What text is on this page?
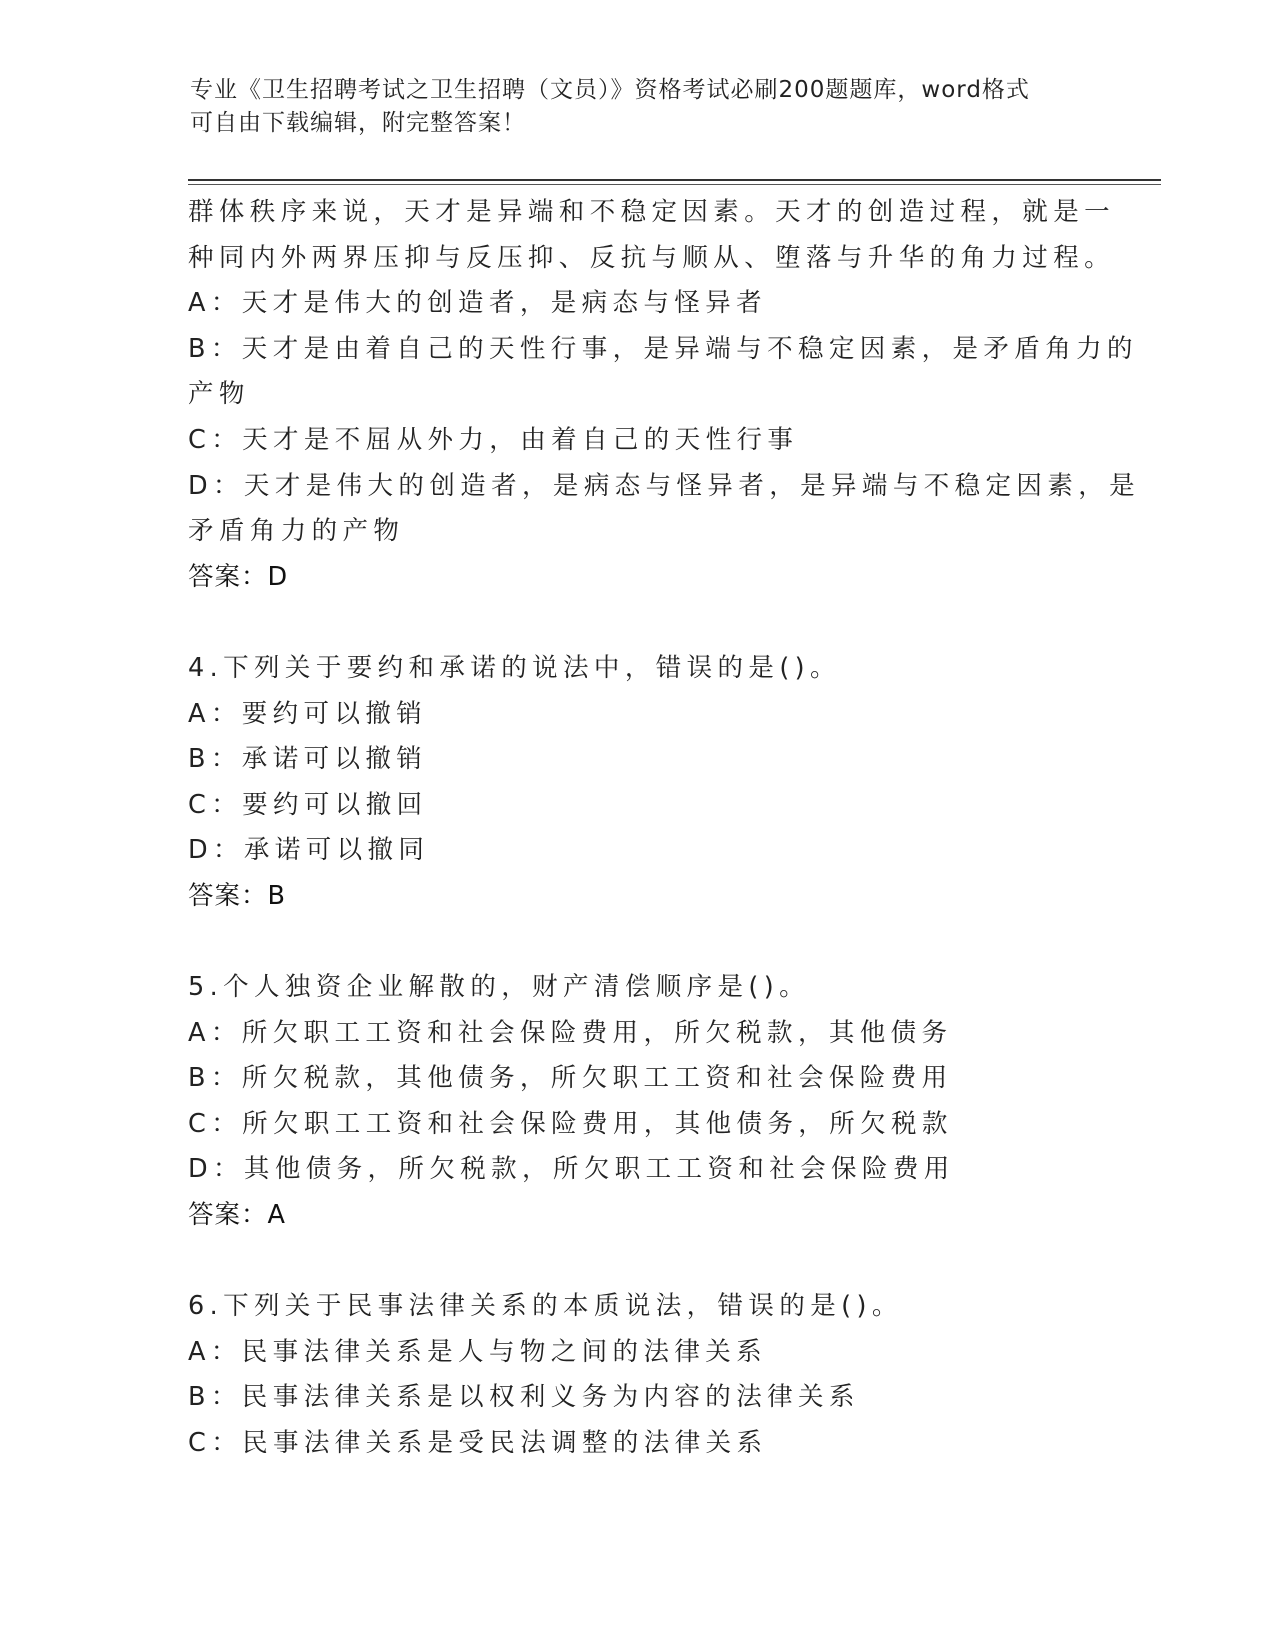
专业《卫生招聘考试之卫生招聘（文员）》资格考试必刷200题题库，word格式
可自由下载编辑，附完整答案！
群体秩序来说，天才是异端和不稳定因素。天才的创造过程，就是一
种同内外两界压抑与反压抑、反抗与顺从、堕落与升华的角力过程。
A：天才是伟大的创造者，是病态与怪异者
B：天才是由着自己的天性行事，是异端与不稳定因素，是矛盾角力的
产物
C：天才是不屈从外力，由着自己的天性行事
D：天才是伟大的创造者，是病态与怪异者，是异端与不稳定因素，是
矛盾角力的产物
答案：D
4.下列关于要约和承诺的说法中，错误的是()。
A：要约可以撤销
B：承诺可以撤销
C：要约可以撤回
D：承诺可以撤同
答案：B
5.个人独资企业解散的，财产清偿顺序是()。
A：所欠职工工资和社会保险费用，所欠税款，其他债务
B：所欠税款，其他债务，所欠职工工资和社会保险费用
C：所欠职工工资和社会保险费用，其他债务，所欠税款
D：其他债务，所欠税款，所欠职工工资和社会保险费用
答案：A
6.下列关于民事法律关系的本质说法，错误的是()。
A：民事法律关系是人与物之间的法律关系
B：民事法律关系是以权利义务为内容的法律关系
C：民事法律关系是受民法调整的法律关系
